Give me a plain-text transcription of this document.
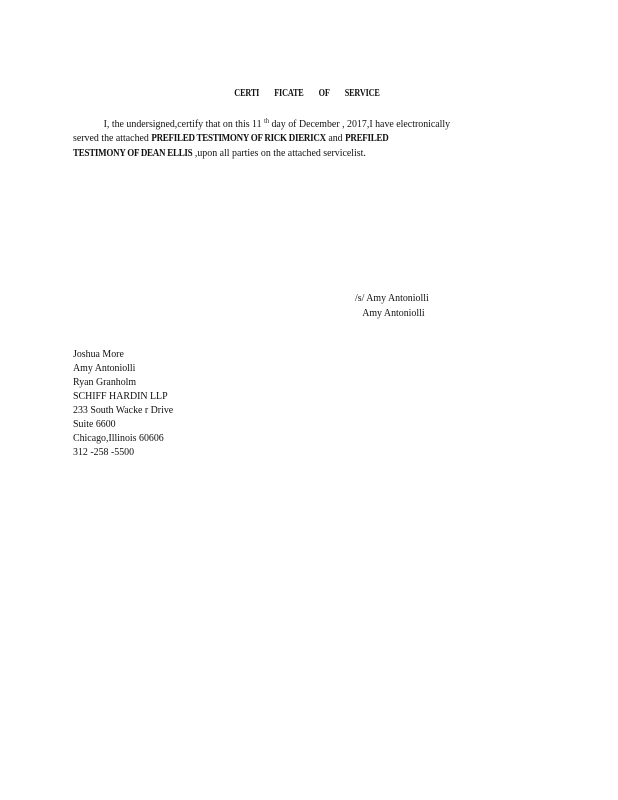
CERTI FICATE OF SERVICE
I, the undersigned,certify that on this 11 $^{th}$ day of December , 2017,I have electronically
served the attached PREFILED TESTIMONY OF RICK DIERICX and PREFILED
TESTIMONY OF DEAN ELLIS ,upon all parties on the attached servicelist.
/s/ Amy Antoniolli
Amy Antoniolli
Joshua More
Amy Antoniolli
Ryan Granholm
SCHIFF HARDIN LLP
233 South Wacke r Drive
Suite 6600
Chicago,Illinois 60606
312 -258 -5500
